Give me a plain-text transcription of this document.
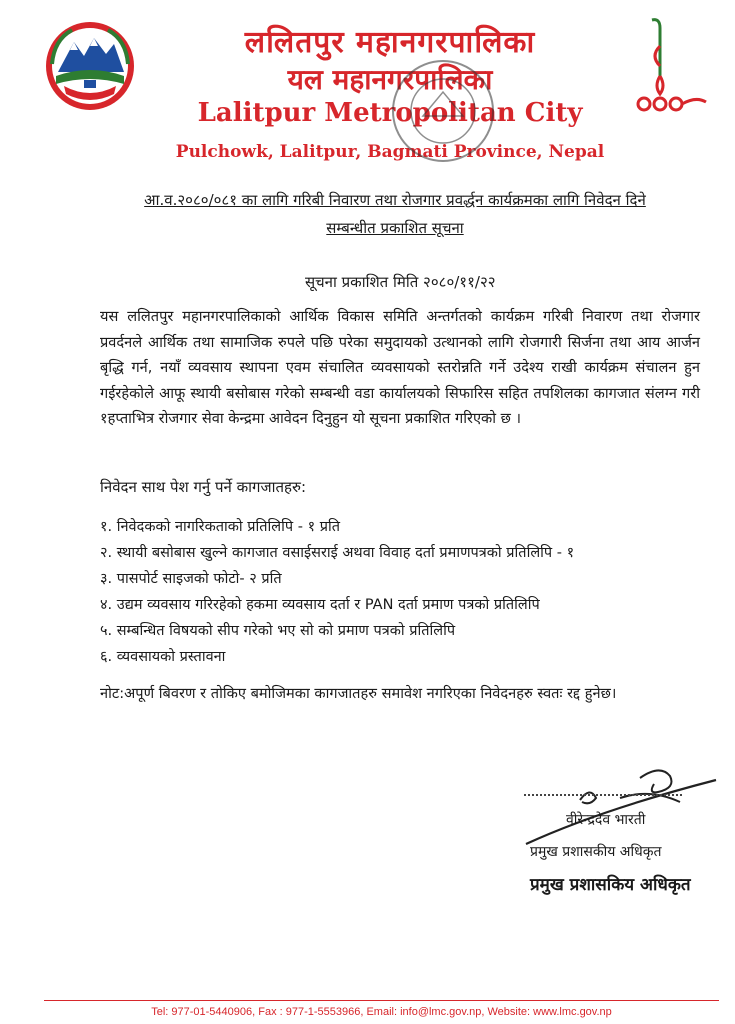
ललितपुर महानगरपालिका
यल महानगरपालिका
Lalitpur Metropolitan City
Pulchowk, Lalitpur, Bagmati Province, Nepal
आ.व.२०८०/०८१ का लागि गरिबी निवारण तथा रोजगार प्रवर्द्धन कार्यक्रमका लागि निवेदन दिने
सम्बन्धीत प्रकाशित सूचना
सूचना प्रकाशित मिति २०८०/११/२२
यस ललितपुर महानगरपालिकाको आर्थिक विकास समिति अन्तर्गतको कार्यक्रम गरिबी निवारण तथा रोजगार प्रवर्दनले आर्थिक तथा सामाजिक रुपले पछि परेका समुदायको उत्थानको लागि रोजगारी सिर्जना तथा आय आर्जन बृद्धि गर्न, नयाँ व्यवसाय स्थापना एवम संचालित व्यवसायको स्तरोन्नति गर्ने उदेश्य राखी कार्यक्रम संचालन हुन गईरहेकोले आफू स्थायी बसोबास गरेको सम्बन्धी वडा कार्यालयको सिफारिस सहित तपशिलका कागजात संलग्न गरी १हप्ताभित्र रोजगार सेवा केन्द्रमा आवेदन दिनुहुन यो सूचना प्रकाशित गरिएको छ ।
निवेदन साथ पेश गर्नु पर्ने कागजातहरु:
१. निवेदकको नागरिकताको प्रतिलिपि - १ प्रति
२. स्थायी बसोबास खुल्ने कागजात वसाईसराई अथवा विवाह दर्ता प्रमाणपत्रको प्रतिलिपि - १
३. पासपोर्ट साइजको फोटो- २ प्रति
४. उद्यम व्यवसाय गरिरहेको हकमा व्यवसाय दर्ता र PAN दर्ता प्रमाण पत्रको प्रतिलिपि
५. सम्बन्धित विषयको सीप गरेको भए सो को प्रमाण पत्रको प्रतिलिपि
६. व्यवसायको प्रस्तावना
नोट:अपूर्ण बिवरण र तोकिए बमोजिमका कागजातहरु समावेश नगरिएका निवेदनहरु स्वतः रद्द हुनेछ।
वीरेन्द्रदेव भारती
प्रमुख प्रशासकीय अधिकृत
प्रमुख प्रशासकिय अधिकृत
Tel: 977-01-5440906, Fax : 977-1-5553966, Email: info@lmc.gov.np, Website: www.lmc.gov.np
